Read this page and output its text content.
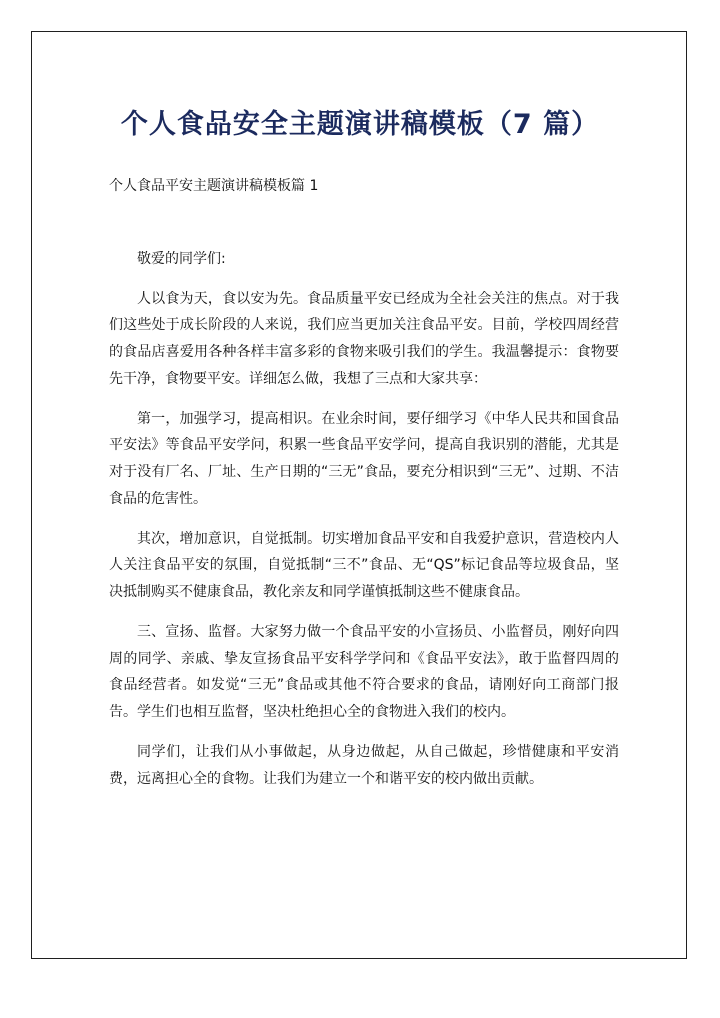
个人食品安全主题演讲稿模板（7 篇）
个人食品平安主题演讲稿模板篇 1

敬爱的同学们:

人以食为天，食以安为先。食品质量平安已经成为全社会关注的焦点。对于我们这些处于成长阶段的人来说，我们应当更加关注食品平安。目前，学校四周经营的食品店喜爱用各种各样丰富多彩的食物来吸引我们的学生。我温馨提示：食物要先干净，食物要平安。详细怎么做，我想了三点和大家共享：

第一，加强学习，提高相识。在业余时间，要仔细学习《中华人民共和国食品平安法》等食品平安学问，积累一些食品平安学问，提高自我识别的潜能，尤其是对于没有厂名、厂址、生产日期的“三无”食品，要充分相识到“三无”、过期、不洁食品的危害性。

其次，增加意识，自觉抵制。切实增加食品平安和自我爱护意识，营造校内人人关注食品平安的氛围，自觉抵制“三不”食品、无“QS”标记食品等垃圾食品，坚决抵制购买不健康食品，教化亲友和同学谨慎抵制这些不健康食品。

三、宣扬、监督。大家努力做一个食品平安的小宣扬员、小监督员，刚好向四周的同学、亲戚、挚友宣扬食品平安科学学问和《食品平安法》，敢于监督四周的食品经营者。如发觉“三无”食品或其他不符合要求的食品，请刚好向工商部门报告。学生们也相互监督，坚决杜绝担心全的食物进入我们的校内。

同学们，让我们从小事做起，从身边做起，从自己做起，珍惜健康和平安消费，远离担心全的食物。让我们为建立一个和谐平安的校内做出贡献。
